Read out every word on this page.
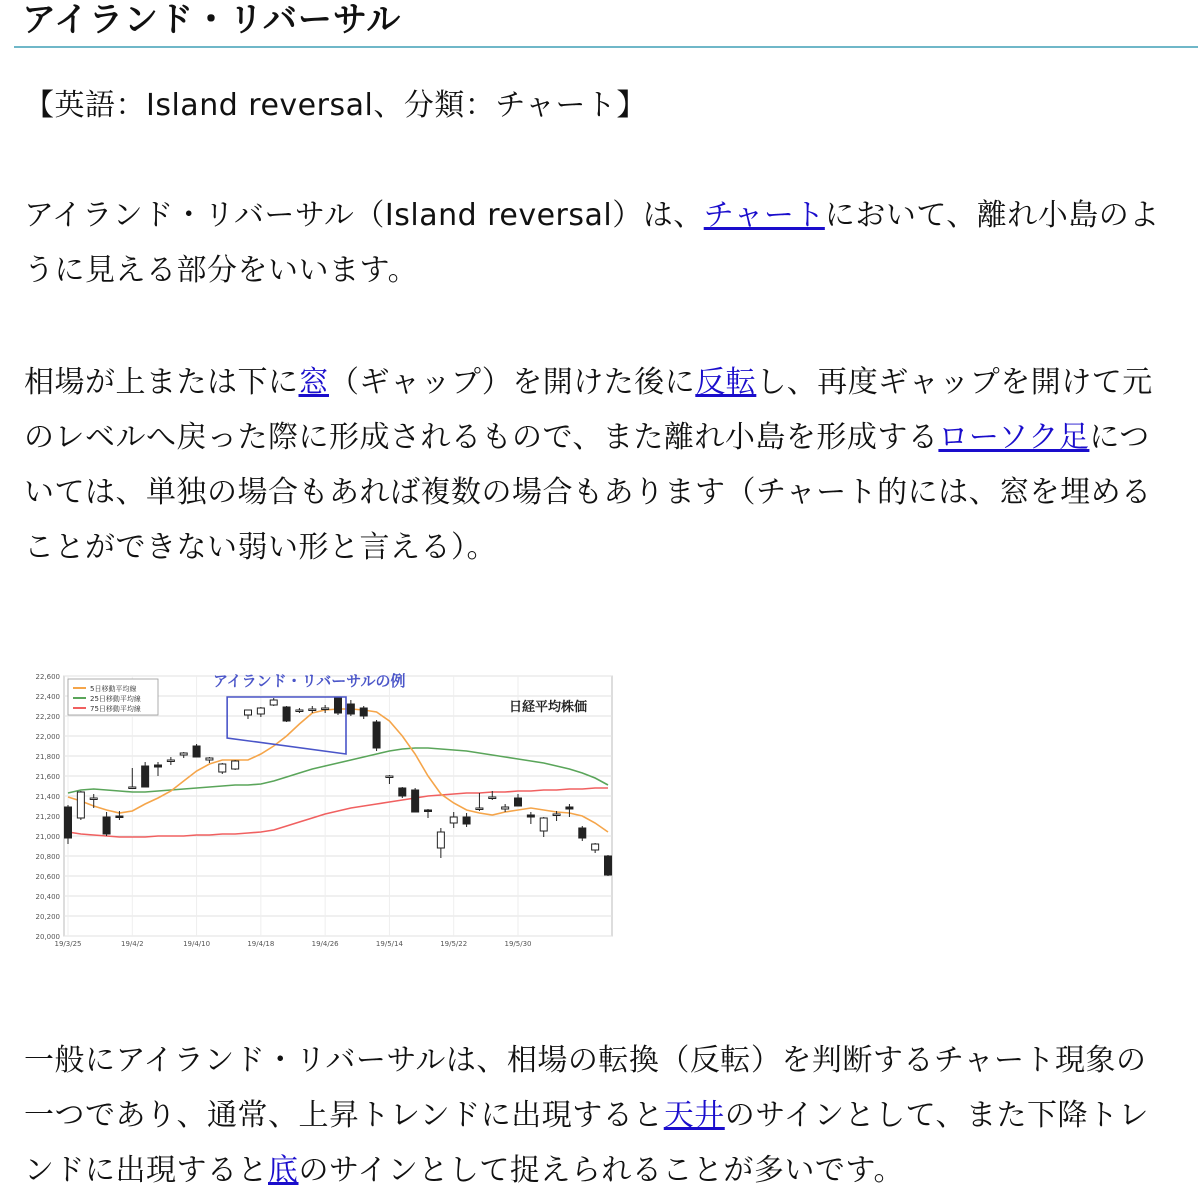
アイランド・リバーサル

【英語：Island reversal、分類：チャート】

アイランド・リバーサル（Island reversal）は、チャートにおいて、離れ小島のように見える部分をいいます。

相場が上または下に窓（ギャップ）を開けた後に反転し、再度ギャップを開けて元のレベルへ戻った際に形成されるもので、また離れ小島を形成するローソク足については、単独の場合もあれば複数の場合もあります（チャート的には、窓を埋めることができない弱い形と言える）。

20,000
20,200
20,400
20,600
20,800
21,000
21,200
21,400
21,600
21,800
22,000
22,200
22,400
22,600
19/3/25	19/4/2	19/4/10	19/4/18	19/4/26	19/5/14	19/5/22	19/5/30
5日移動平均線
25日移動平均線
75日移動平均線
アイランド・リバーサルの例
日経平均株価

一般にアイランド・リバーサルは、相場の転換（反転）を判断するチャート現象の一つであり、通常、上昇トレンドに出現すると天井のサインとして、また下降トレンドに出現すると底のサインとして捉えられることが多いです。
